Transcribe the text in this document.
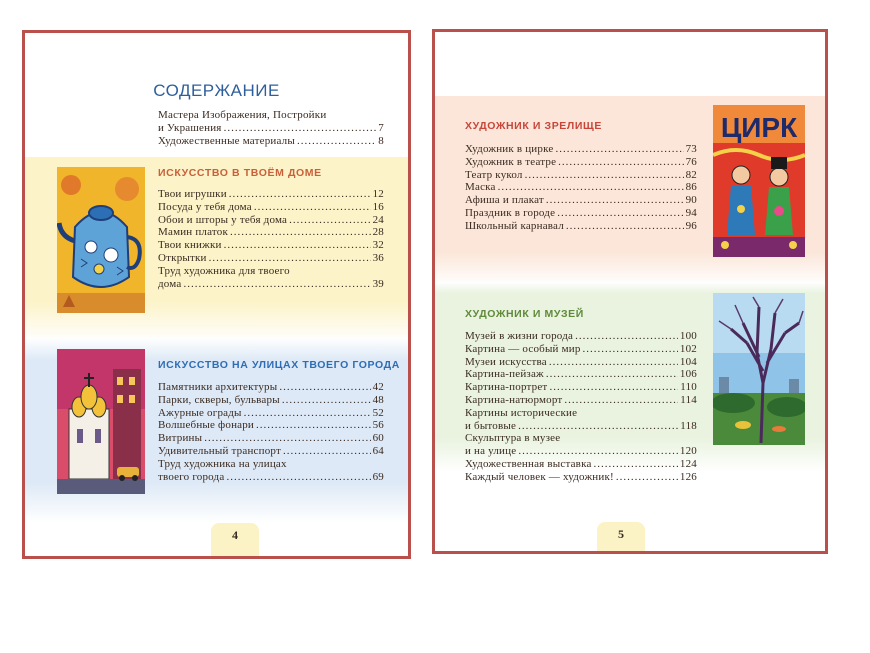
СОДЕРЖАНИЕ
Мастера Изображения, Постройки
и Украшения .....	7
Художественные материалы .....	8
ИСКУССТВО В ТВОЁМ ДОМЕ
Твои игрушки .....	12
Посуда у тебя дома .....	16
Обои и шторы у тебя дома .....	24
Мамин платок .....	28
Твои книжки .....	32
Открытки .....	36
Труд художника для твоего
дома .....	39
ИСКУССТВО НА УЛИЦАХ ТВОЕГО ГОРОДА
Памятники архитектуры .....	42
Парки, скверы, бульвары .....	48
Ажурные ограды .....	52
Волшебные фонари .....	56
Витрины .....	60
Удивительный транспорт .....	64
Труд художника на улицах
твоего города .....	69
4
ХУДОЖНИК И ЗРЕЛИЩЕ
Художник в цирке .....	73
Художник в театре .....	76
Театр кукол .....	82
Маска .....	86
Афиша и плакат .....	90
Праздник в городе .....	94
Школьный карнавал .....	96
ЦИРК
ХУДОЖНИК И МУЗЕЙ
Музей в жизни города .....	100
Картина — особый мир .....	102
Музеи искусства .....	104
Картина-пейзаж .....	106
Картина-портрет .....	110
Картина-натюрморт .....	114
Картины исторические
и бытовые .....	118
Скульптура в музее
и на улице .....	120
Художественная выставка .....	124
Каждый человек — художник! .....	126
5
